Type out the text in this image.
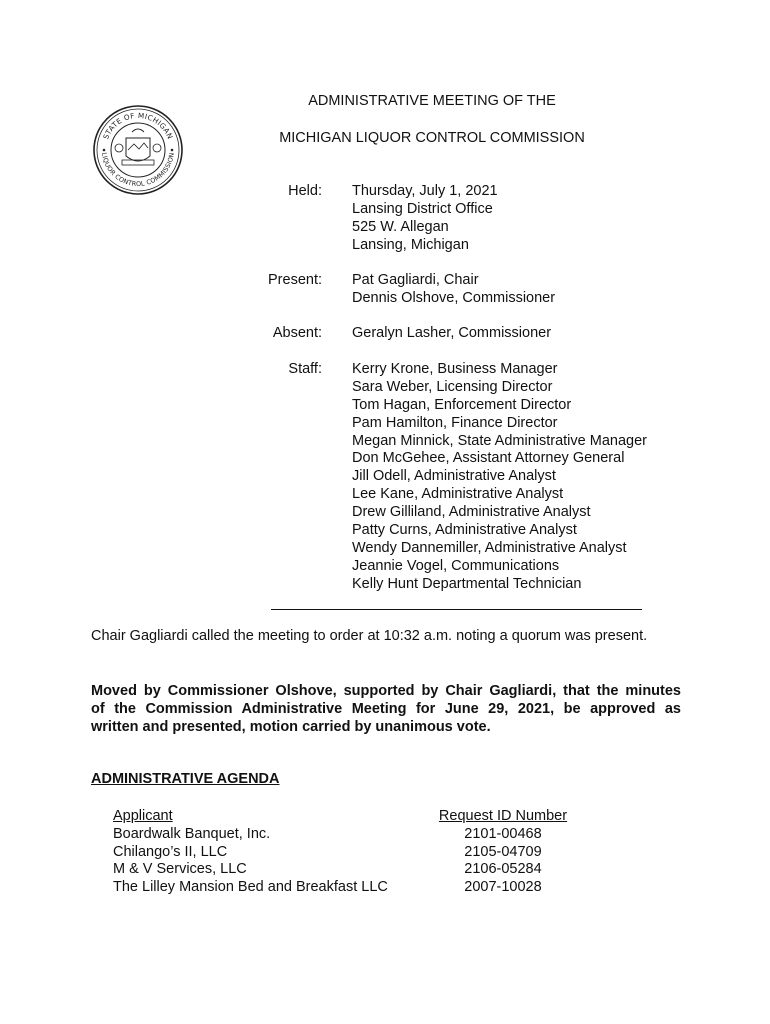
STATE OF MICHIGAN
LIQUOR CONTROL COMMISSION
ADMINISTRATIVE MEETING OF THE
MICHIGAN LIQUOR CONTROL COMMISSION
Held: Thursday, July 1, 2021
Lansing District Office
525 W. Allegan
Lansing, Michigan
Present: Pat Gagliardi, Chair
Dennis Olshove, Commissioner
Absent: Geralyn Lasher, Commissioner
Staff: Kerry Krone, Business Manager
Sara Weber, Licensing Director
Tom Hagan, Enforcement Director
Pam Hamilton, Finance Director
Megan Minnick, State Administrative Manager
Don McGehee, Assistant Attorney General
Jill Odell, Administrative Analyst
Lee Kane, Administrative Analyst
Drew Gilliland, Administrative Analyst
Patty Curns, Administrative Analyst
Wendy Dannemiller, Administrative Analyst
Jeannie Vogel, Communications
Kelly Hunt Departmental Technician
Chair Gagliardi called the meeting to order at 10:32 a.m. noting a quorum was present.
Moved by Commissioner Olshove, supported by Chair Gagliardi, that the minutes
of the Commission Administrative Meeting for June 29, 2021, be approved as
written and presented, motion carried by unanimous vote.
ADMINISTRATIVE AGENDA
Applicant
Boardwalk Banquet, Inc.
Chilango’s II, LLC
M & V Services, LLC
The Lilley Mansion Bed and Breakfast LLC
Request ID Number
2101-00468
2105-04709
2106-05284
2007-10028
